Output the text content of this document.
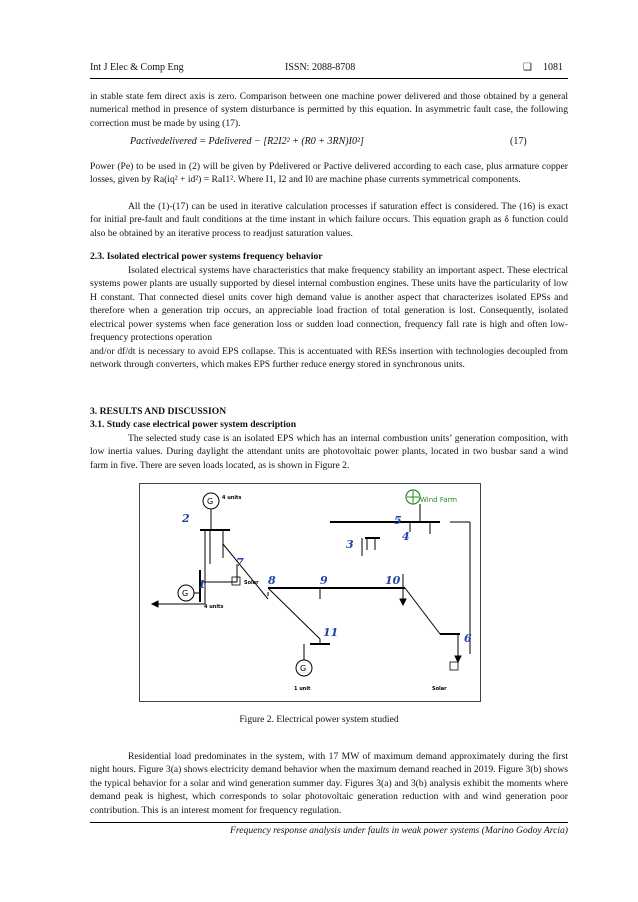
Int J Elec & Comp Eng	ISSN: 2088-8708	❑ 1081
in stable state fem direct axis is zero. Comparison between one machine power delivered and those obtained by a general numerical method in presence of system disturbance is permitted by this equation. In asymmetric fault case, the following correction must be made by using (17).
Pactivedelivered = Pdelivered − [R2I2² + (R0 + 3RN)I0²]	(17)
Power (Pe) to be used in (2) will be given by Pdelivered or Pactive delivered according to each case, plus armature copper losses, given by Ra(iq² + id²) = RaI1². Where I1, I2 and I0 are machine phase currents symmetrical components.
All the (1)-(17) can be used in iterative calculation processes if saturation effect is considered. The (16) is exact for initial pre-fault and fault conditions at the time instant in which failure occurs. This equation graph as δ function could also be obtained by an iterative process to readjust saturation values.
2.3. Isolated electrical power systems frequency behavior
Isolated electrical systems have characteristics that make frequency stability an important aspect. These electrical systems power plants are usually supported by diesel internal combustion engines. These units have the particularity of low H constant. That connected diesel units cover high demand value is another aspect that characterizes isolated EPSs and therefore when a generation trip occurs, an appreciable load fraction of total generation is lost. Consequently, isolated electrical power systems when face generation loss or sudden load connection, frequency fall rate is high and often low-frequency protections operation
and/or df/dt is necessary to avoid EPS collapse. This is accentuated with RESs insertion with technologies decoupled from network through converters, which makes EPS further reduce energy stored in synchronous units.
3. RESULTS AND DISCUSSION
3.1. Study case electrical power system description
The selected study case is an isolated EPS which has an internal combustion units’ generation composition, with low inertia values. During daylight the attendant units are photovoltaic power plants, located in two busbar sand a wind farm in five. There are seven loads located, as is shown in Figure 2.
G
G
G
4 units
4 units
1 unit
Solar
Solar
Wind Farm
1
2
3
4
5
6
7
8	9	10
11
Figure 2. Electrical power system studied
Residential load predominates in the system, with 17 MW of maximum demand approximately during the first night hours. Figure 3(a) shows electricity demand behavior when the maximum demand reached in 2019. Figure 3(b) shows the typical behavior for a solar and wind generation summer day. Figures 3(a) and 3(b) analysis exhibit the moments where demand peak is highest, which corresponds to solar photovoltaic generation reduction with and wind generation poor contribution. This is an interest moment for frequency regulation.
Frequency response analysis under faults in weak power systems (Marino Godoy Arcia)
